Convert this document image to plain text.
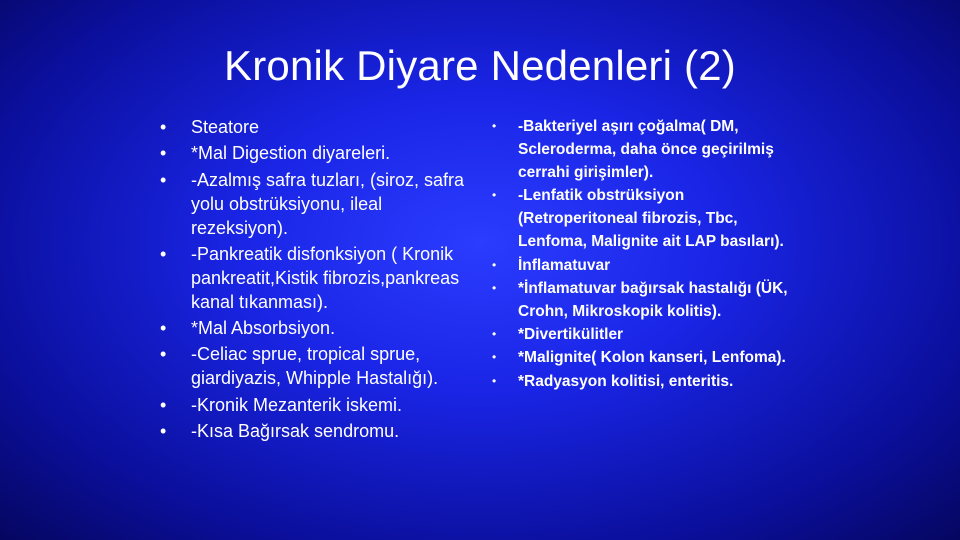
Kronik Diyare Nedenleri (2)
• Steatore
• *Mal Digestion diyareleri.
• -Azalmış safra tuzları, (siroz, safra yolu obstrüksiyonu, ileal rezeksiyon).
• -Pankreatik disfonksiyon ( Kronik pankreatit,Kistik fibrozis,pankreas kanal tıkanması).
• *Mal Absorbsiyon.
• -Celiac sprue, tropical sprue, giardiyazis, Whipple Hastalığı).
• -Kronik Mezanterik iskemi.
• -Kısa Bağırsak sendromu.
• -Bakteriyel aşırı çoğalma( DM, Scleroderma, daha önce geçirilmiş cerrahi girişimler).
• -Lenfatik obstrüksiyon (Retroperitoneal fibrozis, Tbc, Lenfoma, Malignite ait LAP basıları).
• İnflamatuvar
• *İnflamatuvar bağırsak hastalığı (ÜK, Crohn, Mikroskopik kolitis).
• *Divertikülitler
• *Malignite( Kolon kanseri, Lenfoma).
• *Radyasyon kolitisi, enteritis.
